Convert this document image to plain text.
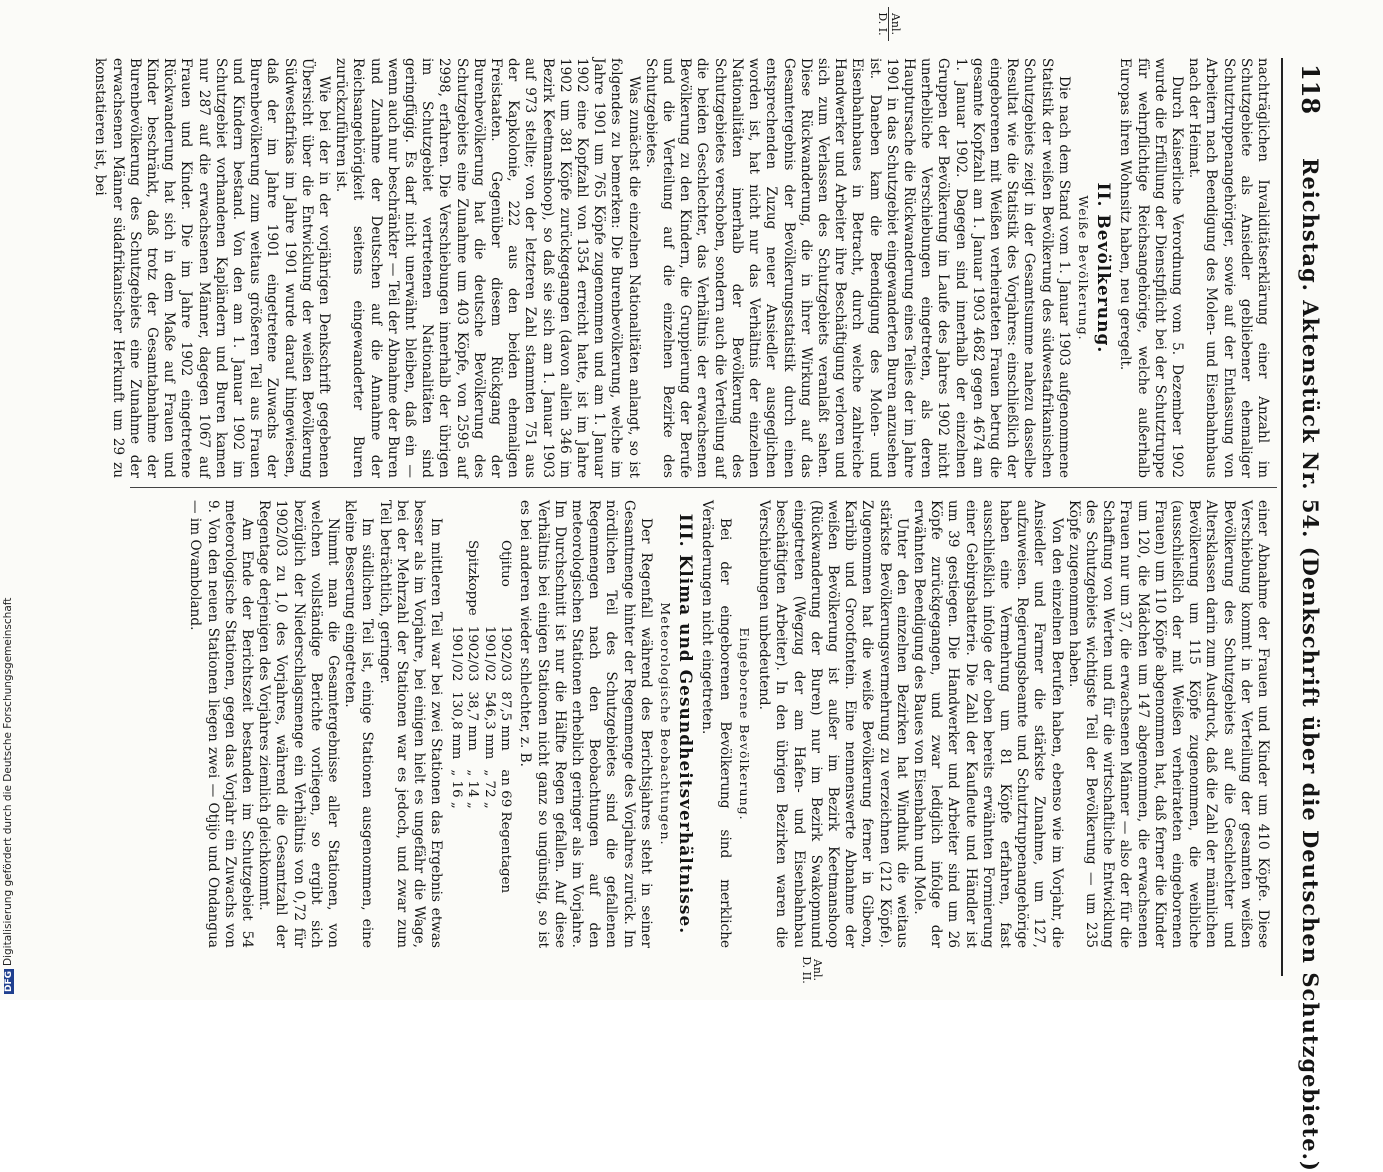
118
Reichstag. Aktenstück Nr. 54. (Denkschrift über die Deutschen Schutzgebiete.)
Anl.
D. I.
Anl.
D. II.

nachträglichen Invaliditätserklärung einer Anzahl im Schutzgebiete als Ansiedler gebliebener ehemaliger Schutztruppenangehöriger, sowie auf der Entlassung von Arbeitern nach Beendigung des Molen- und Eisenbahnbaus nach der Heimat.

Durch Kaiserliche Verordnung vom 5. Dezember 1902 wurde die Erfüllung der Dienstpflicht bei der Schutztruppe für wehrpflichtige Reichsangehörige, welche außerhalb Europas ihren Wohnsitz haben, neu geregelt.

II. Bevölkerung.
Weiße Bevölkerung.

Die nach dem Stand vom 1. Januar 1903 aufgenommene Statistik der weißen Bevölkerung des südwestafrikanischen Schutzgebiets zeigt in der Gesamtsumme nahezu dasselbe Resultat wie die Statistik des Vorjahres: einschließlich der eingeborenen mit Weißen verheirateten Frauen betrug die gesamte Kopfzahl am 1. Januar 1903 4682 gegen 4674 am 1. Januar 1902. Dagegen sind innerhalb der einzelnen Gruppen der Bevölkerung im Laufe des Jahres 1902 nicht unerhebliche Verschiebungen eingetreten, als deren Hauptursache die Rückwanderung eines Teiles der im Jahre 1901 in das Schutzgebiet eingewanderten Buren anzusehen ist. Daneben kam die Beendigung des Molen- und Eisenbahnbaues in Betracht, durch welche zahlreiche Handwerker und Arbeiter ihre Beschäftigung verloren und sich zum Verlassen des Schutzgebiets veranlaßt sahen. Diese Rückwanderung, die in ihrer Wirkung auf das Gesamtergebnis der Bevölkerungsstatistik durch einen entsprechenden Zuzug neuer Ansiedler ausgeglichen worden ist, hat nicht nur das Verhältnis der einzelnen Nationalitäten innerhalb der Bevölkerung des Schutzgebietes verschoben, sondern auch die Verteilung auf die beiden Geschlechter, das Verhältnis der erwachsenen Bevölkerung zu den Kindern, die Gruppierung der Berufe und die Verteilung auf die einzelnen Bezirke des Schutzgebietes.

Was zunächst die einzelnen Nationalitäten anlangt, so ist folgendes zu bemerken: Die Burenbevölkerung, welche im Jahre 1901 um 765 Köpfe zugenommen und am 1. Januar 1902 eine Kopfzahl von 1354 erreicht hatte, ist im Jahre 1902 um 381 Köpfe zurückgegangen (davon allein 346 im Bezirk Keetmanshoop), so daß sie sich am 1. Januar 1903 auf 973 stellte; von der letzteren Zahl stammten 751 aus der Kapkolonie, 222 aus den beiden ehemaligen Freistaaten. Gegenüber diesem Rückgang der Burenbevölkerung hat die deutsche Bevölkerung des Schutzgebiets eine Zunahme um 403 Köpfe, von 2595 auf 2998, erfahren. Die Verschiebungen innerhalb der übrigen im Schutzgebiet vertretenen Nationalitäten sind geringfügig. Es darf nicht unerwähnt bleiben, daß ein — wenn auch nur beschränkter — Teil der Abnahme der Buren und Zunahme der Deutschen auf die Annahme der Reichsangehörigkeit seitens eingewanderter Buren zurückzuführen ist.

Wie bei der in der vorjährigen Denkschrift gegebenen Übersicht über die Entwicklung der weißen Bevölkerung Südwestafrikas im Jahre 1901 wurde darauf hingewiesen, daß der im Jahre 1901 eingetretene Zuwachs der Burenbevölkerung zum weitaus größeren Teil aus Frauen und Kindern bestand. Von den am 1. Januar 1902 im Schutzgebiet vorhandenen Kapländern und Buren kamen nur 287 auf die erwachsenen Männer, dagegen 1067 auf Frauen und Kinder. Die im Jahre 1902 eingetretene Rückwanderung hat sich in dem Maße auf Frauen und Kinder beschränkt, daß trotz der Gesamtabnahme der Burenbevölkerung des Schutzgebiets eine Zunahme der erwachsenen Männer südafrikanischer Herkunft um 29 zu konstatieren ist, bei

einer Abnahme der Frauen und Kinder um 410 Köpfe. Diese Verschiebung kommt in der Verteilung der gesamten weißen Bevölkerung des Schutzgebiets auf die Geschlechter und Altersklassen darin zum Ausdruck, daß die Zahl der männlichen Bevölkerung um 115 Köpfe zugenommen, die weibliche (ausschließlich der mit Weißen verheirateten eingeborenen Frauen) um 110 Köpfe abgenommen hat, daß ferner die Kinder um 120, die Mädchen um 147 abgenommen, die erwachsenen Frauen nur um 37, die erwachsenen Männer — also der für die Schaffung von Werten und für die wirtschaftliche Entwicklung des Schutzgebiets wichtigste Teil der Bevölkerung — um 235 Köpfe zugenommen haben.

Von den einzelnen Berufen haben, ebenso wie im Vorjahr, die Ansiedler und Farmer die stärkste Zunahme, um 127, aufzuweisen. Regierungsbeamte und Schutztruppenangehörige haben eine Vermehrung um 81 Köpfe erfahren, fast ausschließlich infolge der oben bereits erwähnten Formierung einer Gebirgsbatterie. Die Zahl der Kaufleute und Händler ist um 39 gestiegen. Die Handwerker und Arbeiter sind um 26 Köpfe zurückgegangen, und zwar lediglich infolge der erwähnten Beendigung des Baues von Eisenbahn und Mole.

Unter den einzelnen Bezirken hat Windhuk die weitaus stärkste Bevölkerungsvermehrung zu verzeichnen (212 Köpfe). Zugenommen hat die weiße Bevölkerung ferner in Gibeon, Karibib und Grootfontein. Eine nennenswerte Abnahme der weißen Bevölkerung ist außer im Bezirk Keetmanshoop (Rückwanderung der Buren) nur im Bezirk Swakopmund eingetreten (Wegzug der am Hafen- und Eisenbahnbau beschäftigten Arbeiter). In den übrigen Bezirken waren die Verschiebungen unbedeutend.

Eingeborene Bevölkerung.

Bei der eingeborenen Bevölkerung sind merkliche Veränderungen nicht eingetreten.

III. Klima und Gesundheitsverhältnisse.
Meteorologische Beobachtungen.

Der Regenfall während des Berichtsjahres steht in seiner Gesamtmenge hinter der Regenmenge des Vorjahres zurück. Im nördlichen Teil des Schutzgebietes sind die gefallenen Regenmengen nach den Beobachtungen auf den meteorologischen Stationen erheblich geringer als im Vorjahre. Im Durchschnitt ist nur die Hälfte Regen gefallen. Auf diese Verhältnis bei einigen Stationen nicht ganz so ungünstig, so ist es bei anderen wieder schlechter, z. B.

Otjituo	1902/03	87,5 mm	an 69 Regentagen
	1901/02	546,3 mm	„ 72 „
Spitzkoppe	1902/03	38,7 mm	„ 14 „
	1901/02	130,8 mm	„ 16 „

Im mittleren Teil war bei zwei Stationen das Ergebnis etwas besser als im Vorjahre, bei einigen hielt es ungefähr die Wage, bei der Mehrzahl der Stationen war es jedoch, und zwar zum Teil beträchtlich, geringer.

Im südlichen Teil ist, einige Stationen ausgenommen, eine kleine Besserung eingetreten.

Nimmt man die Gesamtergebnisse aller Stationen, von welchen vollständige Berichte vorliegen, so ergibt sich bezüglich der Niederschlagsmenge ein Verhältnis von 0,72 für 1902/03 zu 1,0 des Vorjahres, während die Gesamtzahl der Regentage derjenigen des Vorjahres ziemlich gleichkommt.

Am Ende der Berichtszeit bestanden im Schutzgebiet 54 meteorologische Stationen, gegen das Vorjahr ein Zuwachs von 9. Von den neuen Stationen liegen zwei — Otjijo und Ondangua — im Ovamboland.

DFGDigitalisierung gefördert durch die Deutsche Forschungsgemeinschaft
